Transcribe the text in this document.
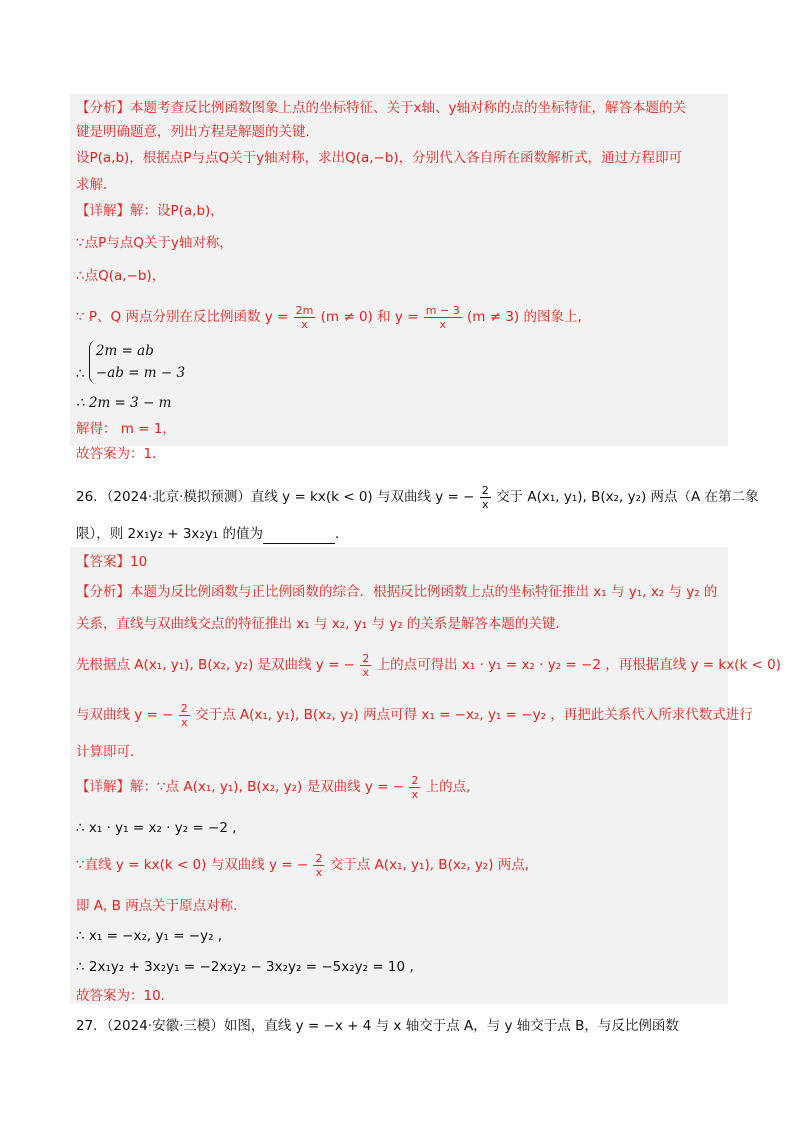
【分析】本题考查反比例函数图象上点的坐标特征、关于x轴、y轴对称的点的坐标特征，解答本题的关
键是明确题意，列出方程是解题的关键．
设P(a,b)，根据点P与点Q关于y轴对称，求出Q(a,−b)，分别代入各自所在函数解析式，通过方程即可
求解．
【详解】解：设P(a,b)，
∵点P与点Q关于y轴对称，
∴点Q(a,−b)，
∵ P、Q 两点分别在反比例函数 $y = \frac{2m}{x} (m \ne 0)$ 和 $y = \frac{m - 3}{x} (m \ne 3)$ 的图象上,
∴
2m = ab
−ab = m − 3
∴ 2m = 3 − m
解得： m = 1，
故答案为：1．
26．（2024·北京·模拟预测）直线 y = kx(k < 0) 与双曲线 y = − $\frac{2}{x}$ 交于 A(x₁, y₁), B(x₂, y₂) 两点（A 在第二象
限），则 2x₁y₂ + 3x₂y₁ 的值为	．
【答案】10
【分析】本题为反比例函数与正比例函数的综合．根据反比例函数上点的坐标特征推出 x₁ 与 y₁, x₂ 与 y₂ 的
关系，直线与双曲线交点的特征推出 x₁ 与 x₂, y₁ 与 y₂ 的关系是解答本题的关键．
先根据点 A(x₁, y₁), B(x₂, y₂) 是双曲线 y = − $\frac{2}{x}$ 上的点可得出 x₁ · y₁ = x₂ · y₂ = −2 ，再根据直线 y = kx(k < 0)
与双曲线 y = − $\frac{2}{x}$ 交于点 A(x₁, y₁), B(x₂, y₂) 两点可得 x₁ = −x₂, y₁ = −y₂ ，再把此关系代入所求代数式进行
计算即可．
【详解】解：∵点 A(x₁, y₁), B(x₂, y₂) 是双曲线 y = − $\frac{2}{x}$ 上的点,
∴ x₁ · y₁ = x₂ · y₂ = −2 ,
∵直线 y = kx(k < 0) 与双曲线 y = − $\frac{2}{x}$ 交于点 A(x₁, y₁), B(x₂, y₂) 两点,
即 A, B 两点关于原点对称．
∴ x₁ = −x₂, y₁ = −y₂ ,
∴ 2x₁y₂ + 3x₂y₁ = −2x₂y₂ − 3x₂y₂ = −5x₂y₂ = 10 ,
故答案为：10．
27．（2024·安徽·三模）如图，直线 y = −x + 4 与 x 轴交于点 A，与 y 轴交于点 B，与反比例函数
